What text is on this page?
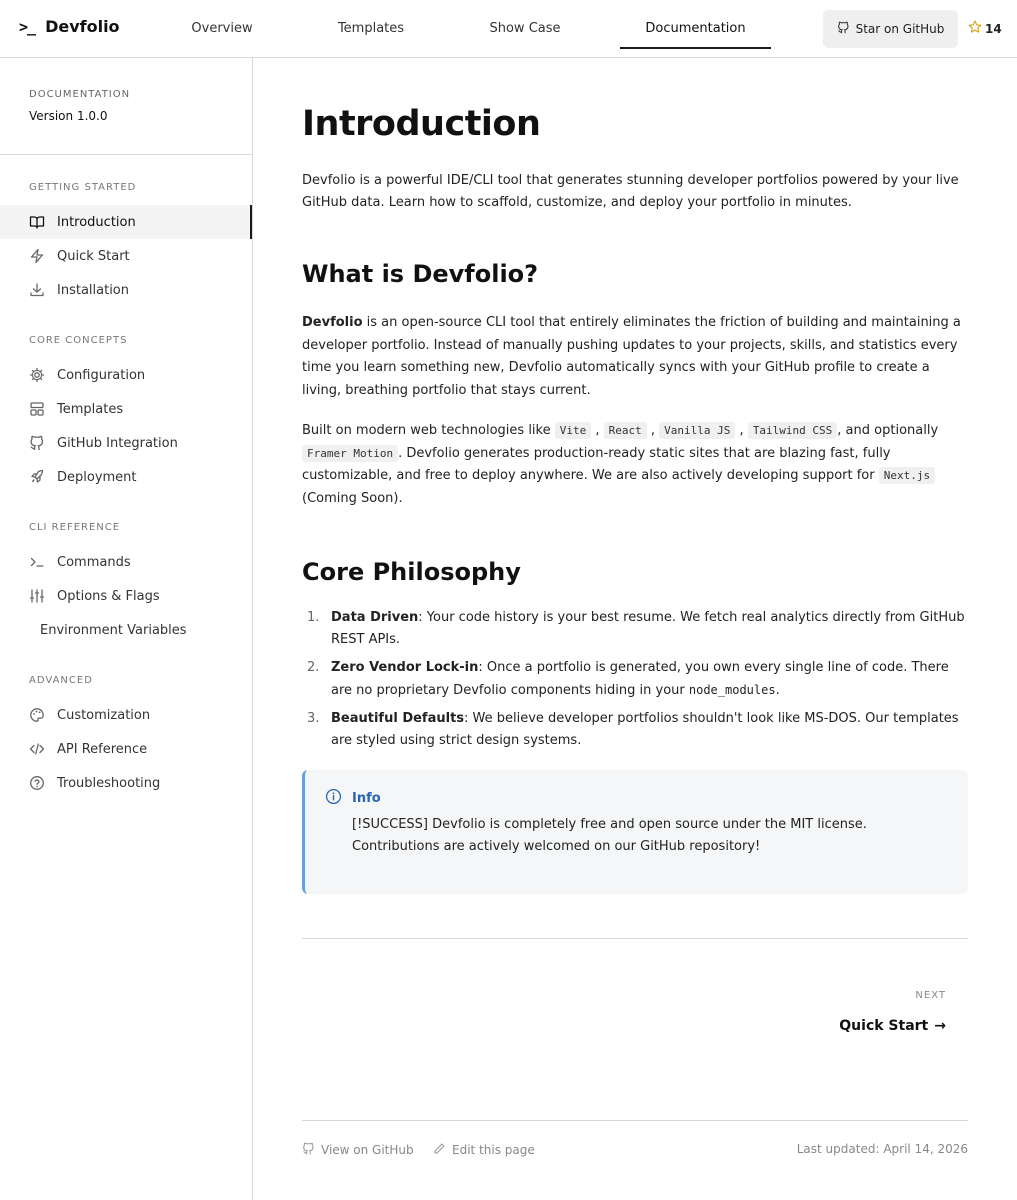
>_ Devfolio	Overview	Templates	Show Case	Documentation	Star on GitHub	14
DOCUMENTATION
Version 1.0.0
GETTING STARTED
Introduction
Quick Start
Installation
CORE CONCEPTS
Configuration
Templates
GitHub Integration
Deployment
CLI REFERENCE
Commands
Options & Flags
Environment Variables
ADVANCED
Customization
API Reference
Troubleshooting
Introduction

Devfolio is a powerful IDE/CLI tool that generates stunning developer portfolios powered by your live GitHub data. Learn how to scaffold, customize, and deploy your portfolio in minutes.

What is Devfolio?

Devfolio is an open-source CLI tool that entirely eliminates the friction of building and maintaining a developer portfolio. Instead of manually pushing updates to your projects, skills, and statistics every time you learn something new, Devfolio automatically syncs with your GitHub profile to create a living, breathing portfolio that stays current.

Built on modern web technologies like Vite , React , Vanilla JS , Tailwind CSS , and optionally Framer Motion . Devfolio generates production-ready static sites that are blazing fast, fully customizable, and free to deploy anywhere. We are also actively developing support for Next.js (Coming Soon).

Core Philosophy
1. Data Driven: Your code history is your best resume. We fetch real analytics directly from GitHub REST APIs.
2. Zero Vendor Lock-in: Once a portfolio is generated, you own every single line of code. There are no proprietary Devfolio components hiding in your node_modules.
3. Beautiful Defaults: We believe developer portfolios shouldn't look like MS-DOS. Our templates are styled using strict design systems.
Info
[!SUCCESS] Devfolio is completely free and open source under the MIT license. Contributions are actively welcomed on our GitHub repository!
NEXT
Quick Start →
View on GitHub	Edit this page	Last updated: April 14, 2026
